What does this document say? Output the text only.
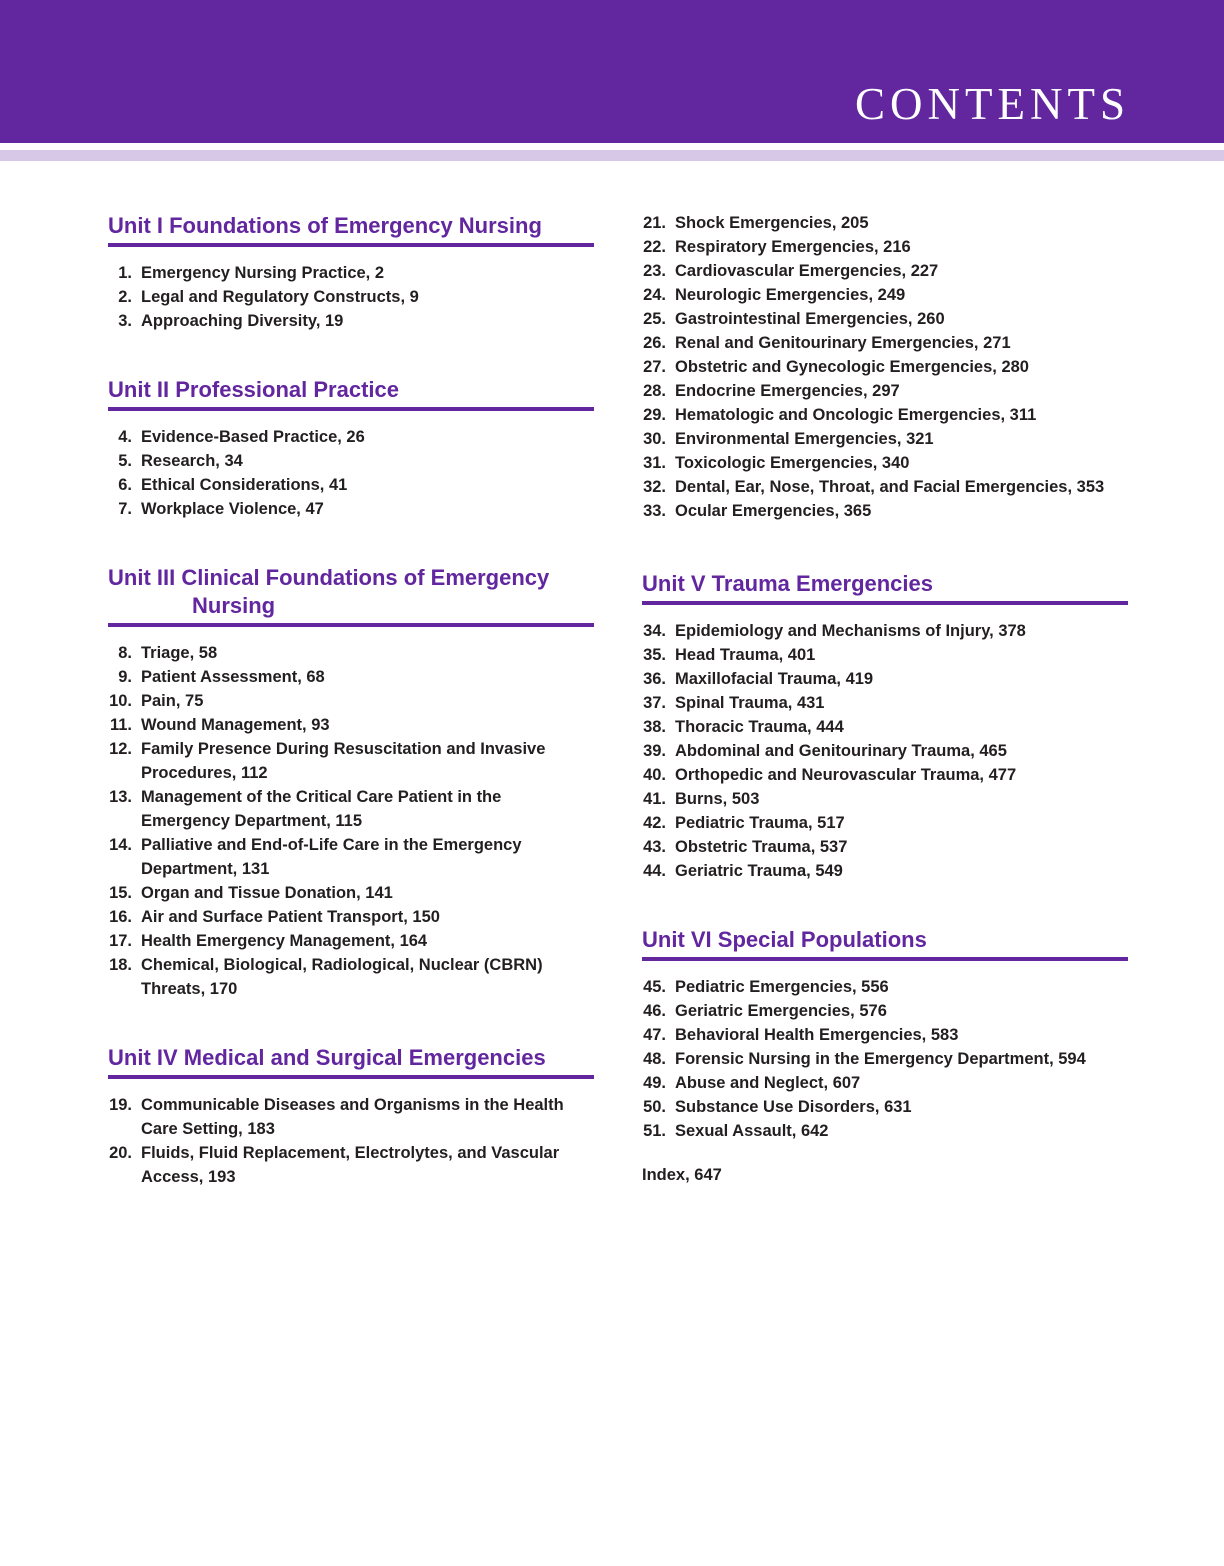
CONTENTS
Unit I Foundations of Emergency Nursing
1. Emergency Nursing Practice, 2
2. Legal and Regulatory Constructs, 9
3. Approaching Diversity, 19
Unit II Professional Practice
4. Evidence-Based Practice, 26
5. Research, 34
6. Ethical Considerations, 41
7. Workplace Violence, 47
Unit III Clinical Foundations of Emergency
Nursing
8. Triage, 58
9. Patient Assessment, 68
10. Pain, 75
11. Wound Management, 93
12. Family Presence During Resuscitation and Invasive
Procedures, 112
13. Management of the Critical Care Patient in the
Emergency Department, 115
14. Palliative and End-of-Life Care in the Emergency
Department, 131
15. Organ and Tissue Donation, 141
16. Air and Surface Patient Transport, 150
17. Health Emergency Management, 164
18. Chemical, Biological, Radiological, Nuclear (CBRN)
Threats, 170
Unit IV Medical and Surgical Emergencies
19. Communicable Diseases and Organisms in the Health
Care Setting, 183
20. Fluids, Fluid Replacement, Electrolytes, and Vascular
Access, 193
21. Shock Emergencies, 205
22. Respiratory Emergencies, 216
23. Cardiovascular Emergencies, 227
24. Neurologic Emergencies, 249
25. Gastrointestinal Emergencies, 260
26. Renal and Genitourinary Emergencies, 271
27. Obstetric and Gynecologic Emergencies, 280
28. Endocrine Emergencies, 297
29. Hematologic and Oncologic Emergencies, 311
30. Environmental Emergencies, 321
31. Toxicologic Emergencies, 340
32. Dental, Ear, Nose, Throat, and Facial Emergencies, 353
33. Ocular Emergencies, 365
Unit V Trauma Emergencies
34. Epidemiology and Mechanisms of Injury, 378
35. Head Trauma, 401
36. Maxillofacial Trauma, 419
37. Spinal Trauma, 431
38. Thoracic Trauma, 444
39. Abdominal and Genitourinary Trauma, 465
40. Orthopedic and Neurovascular Trauma, 477
41. Burns, 503
42. Pediatric Trauma, 517
43. Obstetric Trauma, 537
44. Geriatric Trauma, 549
Unit VI Special Populations
45. Pediatric Emergencies, 556
46. Geriatric Emergencies, 576
47. Behavioral Health Emergencies, 583
48. Forensic Nursing in the Emergency Department, 594
49. Abuse and Neglect, 607
50. Substance Use Disorders, 631
51. Sexual Assault, 642
Index, 647
